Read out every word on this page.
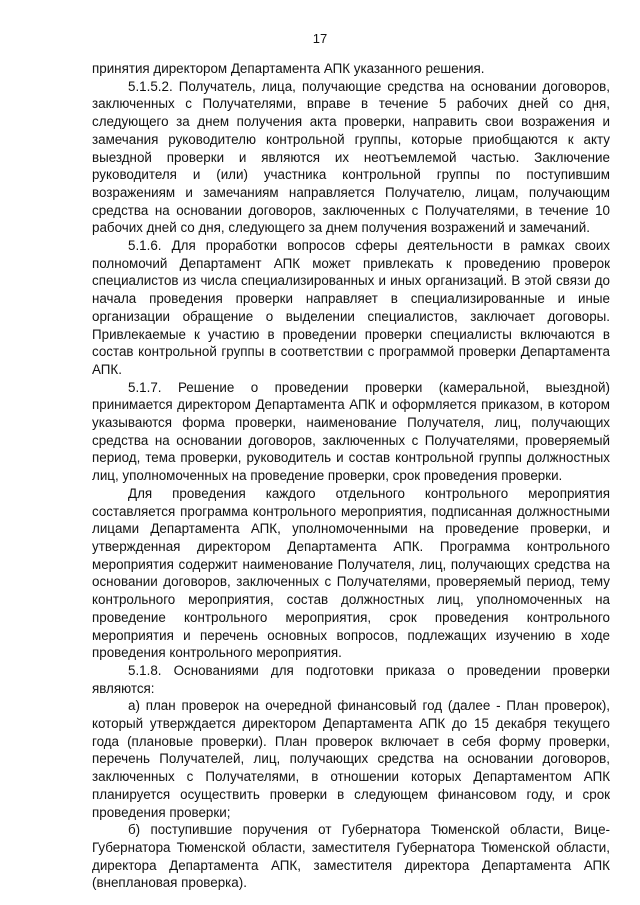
17

принятия директором Департамента АПК указанного решения.

5.1.5.2. Получатель, лица, получающие средства на основании договоров, заключенных с Получателями, вправе в течение 5 рабочих дней со дня, следующего за днем получения акта проверки, направить свои возражения и замечания руководителю контрольной группы, которые приобщаются к акту выездной проверки и являются их неотъемлемой частью. Заключение руководителя и (или) участника контрольной группы по поступившим возражениям и замечаниям направляется Получателю, лицам, получающим средства на основании договоров, заключенных с Получателями, в течение 10 рабочих дней со дня, следующего за днем получения возражений и замечаний.

5.1.6. Для проработки вопросов сферы деятельности в рамках своих полномочий Департамент АПК может привлекать к проведению проверок специалистов из числа специализированных и иных организаций. В этой связи до начала проведения проверки направляет в специализированные и иные организации обращение о выделении специалистов, заключает договоры. Привлекаемые к участию в проведении проверки специалисты включаются в состав контрольной группы в соответствии с программой проверки Департамента АПК.

5.1.7. Решение о проведении проверки (камеральной, выездной) принимается директором Департамента АПК и оформляется приказом, в котором указываются форма проверки, наименование Получателя, лиц, получающих средства на основании договоров, заключенных с Получателями, проверяемый период, тема проверки, руководитель и состав контрольной группы должностных лиц, уполномоченных на проведение проверки, срок проведения проверки.

Для проведения каждого отдельного контрольного мероприятия составляется программа контрольного мероприятия, подписанная должностными лицами Департамента АПК, уполномоченными на проведение проверки, и утвержденная директором Департамента АПК. Программа контрольного мероприятия содержит наименование Получателя, лиц, получающих средства на основании договоров, заключенных с Получателями, проверяемый период, тему контрольного мероприятия, состав должностных лиц, уполномоченных на проведение контрольного мероприятия, срок проведения контрольного мероприятия и перечень основных вопросов, подлежащих изучению в ходе проведения контрольного мероприятия.

5.1.8. Основаниями для подготовки приказа о проведении проверки являются:

а) план проверок на очередной финансовый год (далее - План проверок), который утверждается директором Департамента АПК до 15 декабря текущего года (плановые проверки). План проверок включает в себя форму проверки, перечень Получателей, лиц, получающих средства на основании договоров, заключенных с Получателями, в отношении которых Департаментом АПК планируется осуществить проверки в следующем финансовом году, и срок проведения проверки;

б) поступившие поручения от Губернатора Тюменской области, Вице-Губернатора Тюменской области, заместителя Губернатора Тюменской области, директора Департамента АПК, заместителя директора Департамента АПК (внеплановая проверка).
